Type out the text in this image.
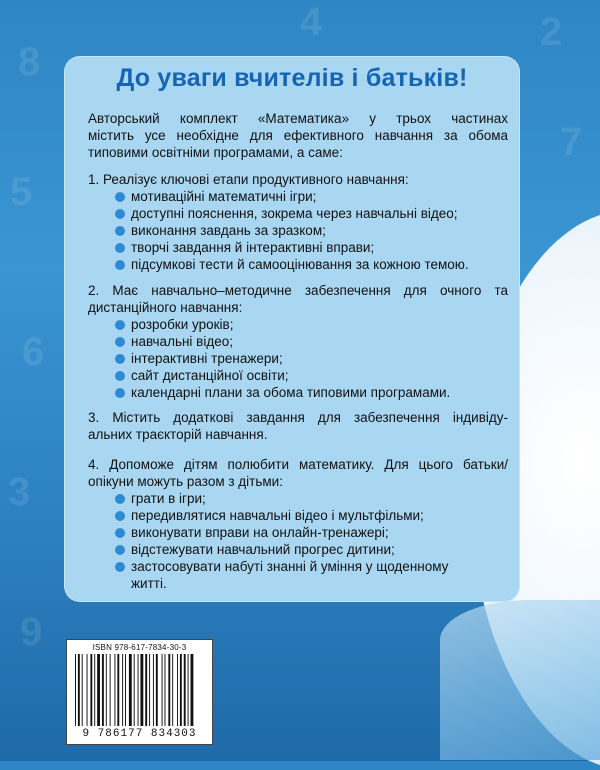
8
5
6
3
9
2
7
4
До уваги вчителів і батьків!
Авторський комплект «Математика» у трьох частинах
містить усе необхідне для ефективного навчання за обома
типовими освітніми програмами, а саме:
1. Реалізує ключові етапи продуктивного навчання:
мотиваційні математичні ігри;
доступні пояснення, зокрема через навчальні відео;
виконання завдань за зразком;
творчі завдання й інтерактивні вправи;
підсумкові тести й самооцінювання за кожною темою.
2. Має навчально–методичне забезпечення для очного та
дистанційного навчання:
розробки уроків;
навчальні відео;
інтерактивні тренажери;
сайт дистанційної освіти;
календарні плани за обома типовими програмами.
3. Містить додаткові завдання для забезпечення індивіду-
альних траєкторій навчання.
4. Допоможе дітям полюбити математику. Для цього батьки/
опікуни можуть разом з дітьми:
грати в ігри;
передивлятися навчальні відео і мультфільми;
виконувати вправи на онлайн-тренажері;
відстежувати навчальний прогрес дитини;
застосовувати набуті знанні й уміння у щоденному
житті.
ISBN 978-617-7834-30-3
9 786177 834303
